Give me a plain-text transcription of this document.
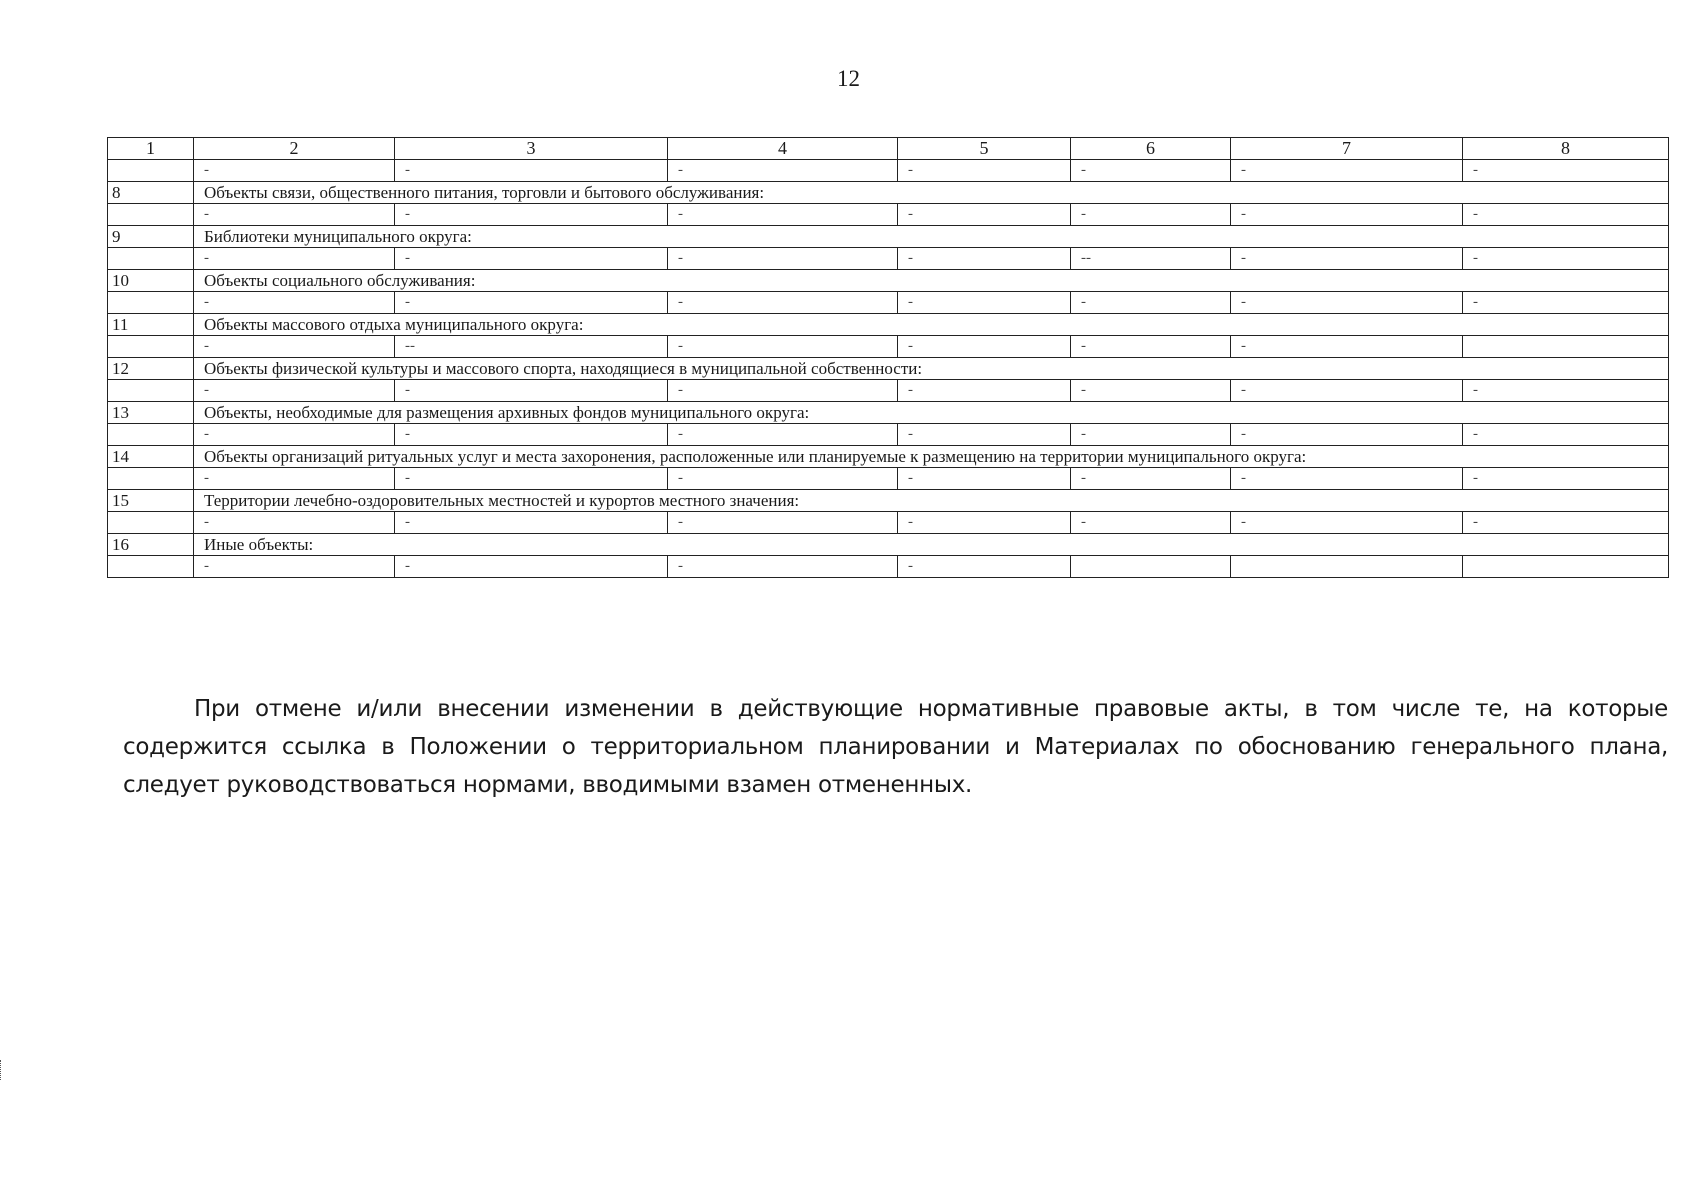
12
1	2	3	4	5	6	7	8
	-	-	-	-	-	-	-
8	Объекты связи, общественного питания, торговли и бытового обслуживания:						
	-	-	-	-	-	-	-
9	Библиотеки муниципального округа:						
	-	-	-	-	--	-	-
10	Объекты социального обслуживания:						
	-	-	-	-	-	-	-
11	Объекты массового отдыха муниципального округа:						
	-	--	-	-	-	-	
12	Объекты физической культуры и массового спорта, находящиеся в муниципальной собственности:						
	-	-	-	-	-	-	-
13	Объекты, необходимые для размещения архивных фондов муниципального округа:						
	-	-	-	-	-	-	-
14	Объекты организаций ритуальных услуг и места захоронения, расположенные или планируемые к размещению на территории муниципального округа:						
	-	-	-	-	-	-	-
15	Территории лечебно-оздоровительных местностей и курортов местного значения:						
	-	-	-	-	-	-	-
16	Иные объекты:						
	-	-	-	-			

При отмене и/или внесении изменении в действующие нормативные правовые акты, в том числе те, на которые содержится ссылка в Положении о территориальном планировании и Материалах по обоснованию генерального плана, следует руководствоваться нормами, вводимыми взамен отмененных.
